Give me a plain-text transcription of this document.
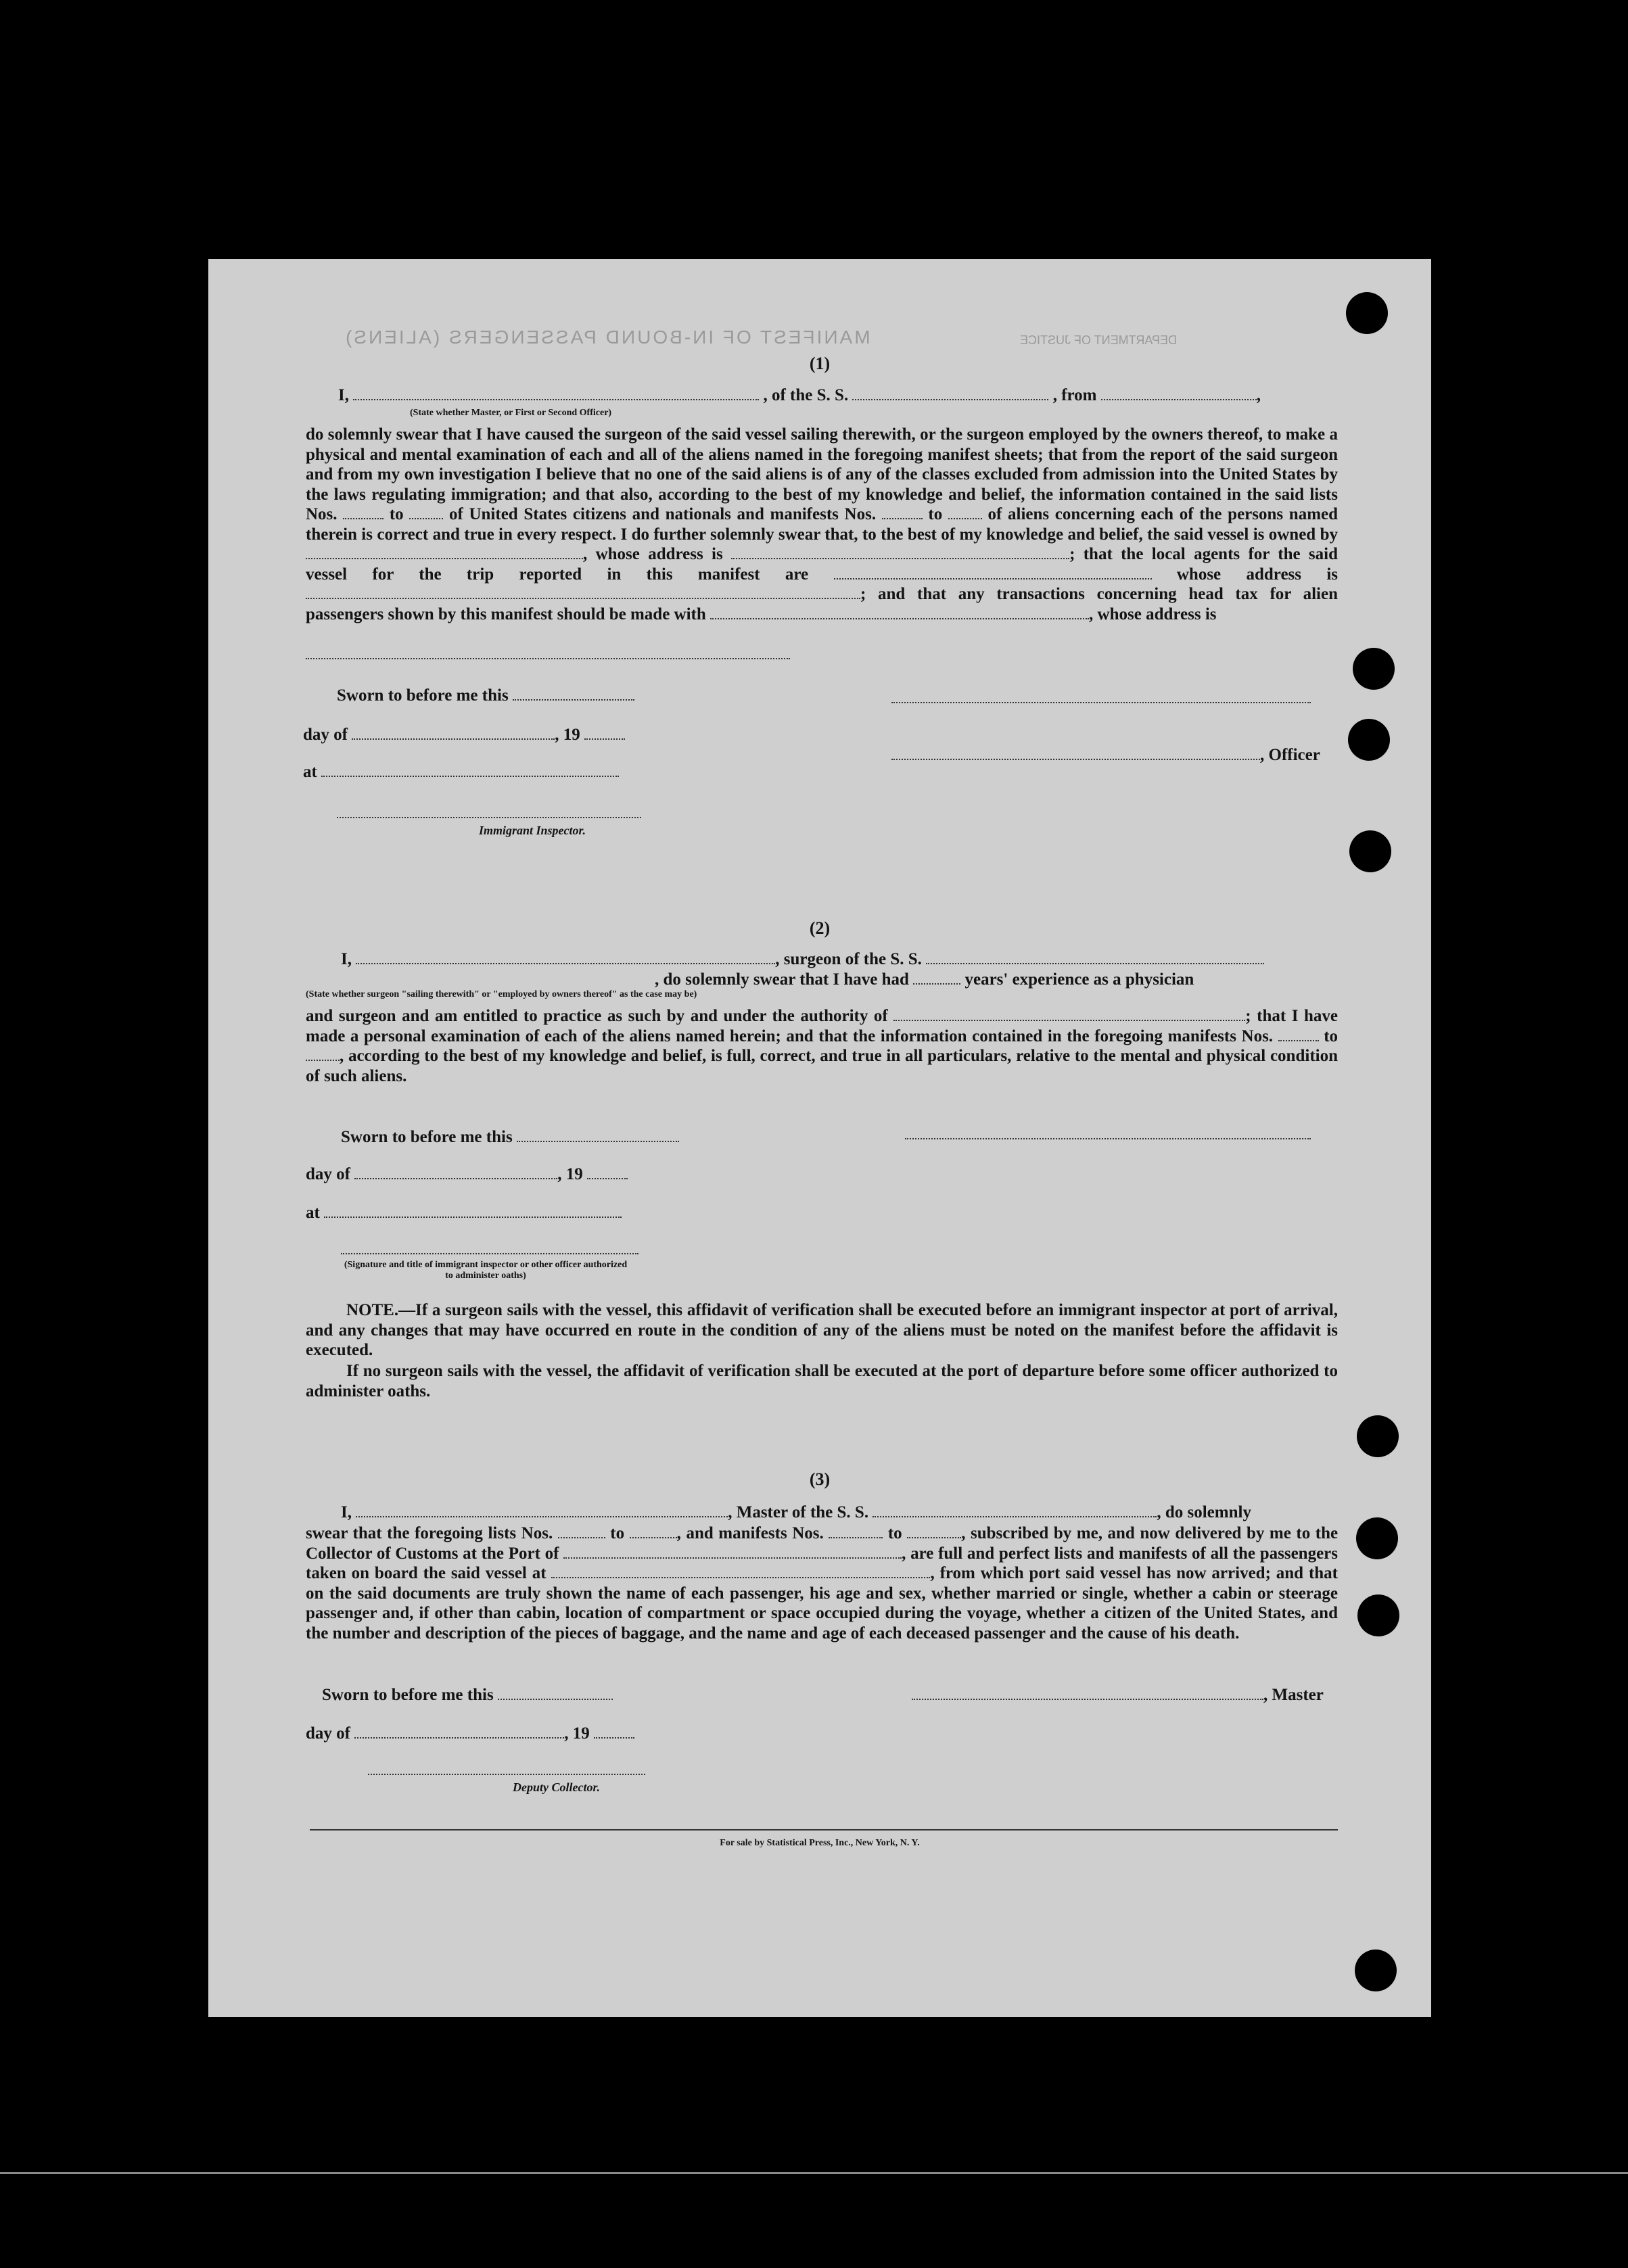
MANIFEST OF IN-BOUND PASSENGERS (ALIENS)	DEPARTMENT OF JUSTICE
(1)
I,	, of the S. S.	, from	,
(State whether Master, or First or Second Officer)
do solemnly swear that I have caused the surgeon of the said vessel sailing therewith, or the surgeon employed by the owners thereof, to make a physical and mental examination of each and all of the aliens named in the foregoing manifest sheets; that from the report of the said surgeon and from my own investigation I believe that no one of the said aliens is of any of the classes excluded from admission into the United States by the laws regulating immigration; and that also, according to the best of my knowledge and belief, the information contained in the said lists Nos.	to	of United States citizens and nationals and manifests Nos.	to	of aliens concerning each of the persons named therein is correct and true in every respect. I do further solemnly swear that, to the best of my knowledge and belief, the said vessel is owned by , whose address is	; that the local agents for the said vessel for the trip reported in this manifest are	whose address is ; and that any transactions concerning head tax for alien passengers shown by this manifest should be made with	, whose address is
Sworn to before me this
day of	, 19
at
Immigrant Inspector.
, Officer
(2)
I,	, surgeon of the S. S.
, do solemnly swear that I have had	years' experience as a physician
(State whether surgeon "sailing therewith" or "employed by owners thereof" as the case may be)
and surgeon and am entitled to practice as such by and under the authority of	; that I have made a personal examination of each of the aliens named herein; and that the information contained in the foregoing manifests Nos.	to , according to the best of my knowledge and belief, is full, correct, and true in all particulars, relative to the mental and physical condition of such aliens.
Sworn to before me this
day of	, 19
at
(Signature and title of immigrant inspector or other officer authorized to administer oaths)
NOTE.—If a surgeon sails with the vessel, this affidavit of verification shall be executed before an immigrant inspector at port of arrival, and any changes that may have occurred en route in the condition of any of the aliens must be noted on the manifest before the affidavit is executed.
If no surgeon sails with the vessel, the affidavit of verification shall be executed at the port of departure before some officer authorized to administer oaths.
(3)
I,	, Master of the S. S.	, do solemnly
swear that the foregoing lists Nos.	to	, and manifests Nos.	to	, subscribed by me, and now delivered by me to the Collector of Customs at the Port of	, are full and perfect lists and manifests of all the passengers taken on board the said vessel at	, from which port said vessel has now arrived; and that on the said documents are truly shown the name of each passenger, his age and sex, whether married or single, whether a cabin or steerage passenger and, if other than cabin, location of compartment or space occupied during the voyage, whether a citizen of the United States, and the number and description of the pieces of baggage, and the name and age of each deceased passenger and the cause of his death.
Sworn to before me this	, Master
day of	, 19
Deputy Collector.
For sale by Statistical Press, Inc., New York, N. Y.
